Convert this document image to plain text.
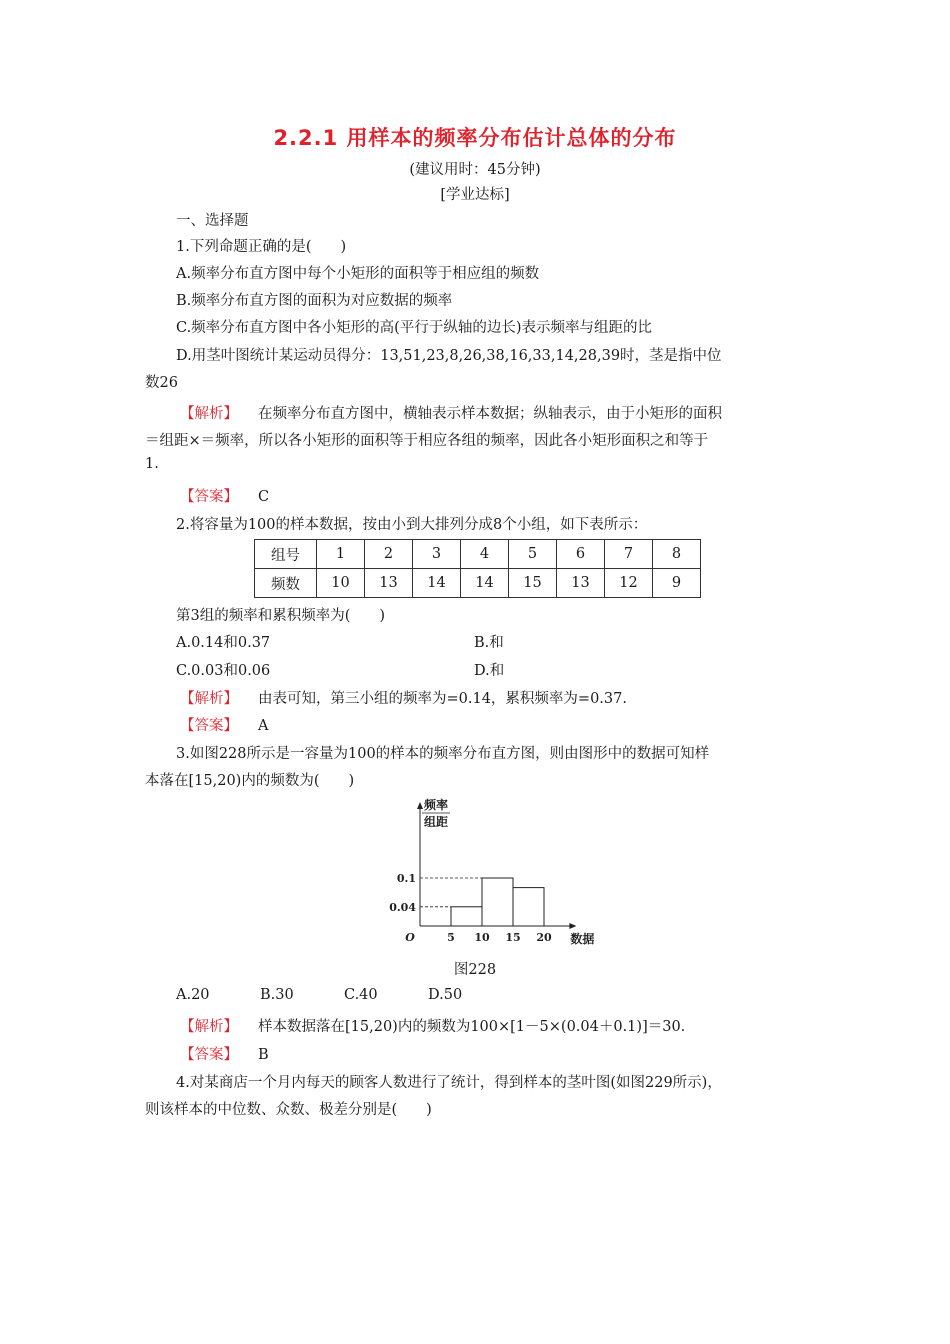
2.2.1 用样本的频率分布估计总体的分布
(建议用时：45分钟)
[学业达标]
一、选择题
1.下列命题正确的是(　　)
A.频率分布直方图中每个小矩形的面积等于相应组的频数
B.频率分布直方图的面积为对应数据的频率
C.频率分布直方图中各小矩形的高(平行于纵轴的边长)表示频率与组距的比
D.用茎叶图统计某运动员得分：13,51,23,8,26,38,16,33,14,28,39时，茎是指中位
数26
【解析】 在频率分布直方图中，横轴表示样本数据；纵轴表示，由于小矩形的面积
＝组距×＝频率，所以各小矩形的面积等于相应各组的频率，因此各小矩形面积之和等于
1.
【答案】 C
2.将容量为100的样本数据，按由小到大排列分成8个小组，如下表所示：
组号	1	2	3	4	5	6	7	8
频数	10	13	14	14	15	13	12	9
第3组的频率和累积频率为(　　)
A.0.14和0.37	B.和
C.0.03和0.06	D.和
【解析】 由表可知，第三小组的频率为=0.14，累积频率为=0.37.
【答案】 A
3.如图228所示是一容量为100的样本的频率分布直方图，则由图形中的数据可知样
本落在[15,20)内的频数为(　　)
0.04
0.1
5 10 15 20
O	数据
频率
组距
图228
A.20	B.30	C.40	D.50
【解析】 样本数据落在[15,20)内的频数为100×[1－5×(0.04＋0.1)]＝30.
【答案】 B
4.对某商店一个月内每天的顾客人数进行了统计，得到样本的茎叶图(如图229所示)，
则该样本的中位数、众数、极差分别是(　　)
